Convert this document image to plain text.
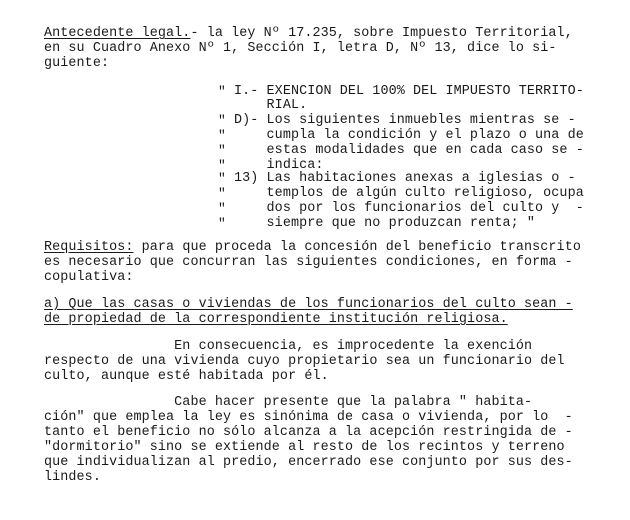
Antecedente legal.- la ley Nº 17.235, sobre Impuesto Territorial,
en su Cuadro Anexo Nº 1, Sección I, letra D, Nº 13, dice lo si-
guiente:
"
"
"
"
"
"
"
"
"
I.- EXENCION DEL 100% DEL IMPUESTO TERRITO-
RIAL.
D)- Los siguientes inmuebles mientras se -
cumpla la condición y el plazo o una de
estas modalidades que en cada caso se -
indica:
13) Las habitaciones anexas a iglesias o -
templos de algún culto religioso, ocupa
dos por los funcionarios del culto y  -
siempre que no produzcan renta; "
Requisitos: para que proceda la concesión del beneficio transcrito
es necesario que concurran las siguientes condiciones, en forma -
copulativa:
a) Que las casas o viviendas de los funcionarios del culto sean -
de propiedad de la correspondiente institución religiosa.
En consecuencia, es improcedente la exención
respecto de una vivienda cuyo propietario sea un funcionario del
culto, aunque esté habitada por él.
Cabe hacer presente que la palabra " habita-
ción" que emplea la ley es sinónima de casa o vivienda, por lo  -
tanto el beneficio no sólo alcanza a la acepción restringida de -
"dormitorio" sino se extiende al resto de los recintos y terreno
que individualizan al predio, encerrado ese conjunto por sus des-
lindes.
